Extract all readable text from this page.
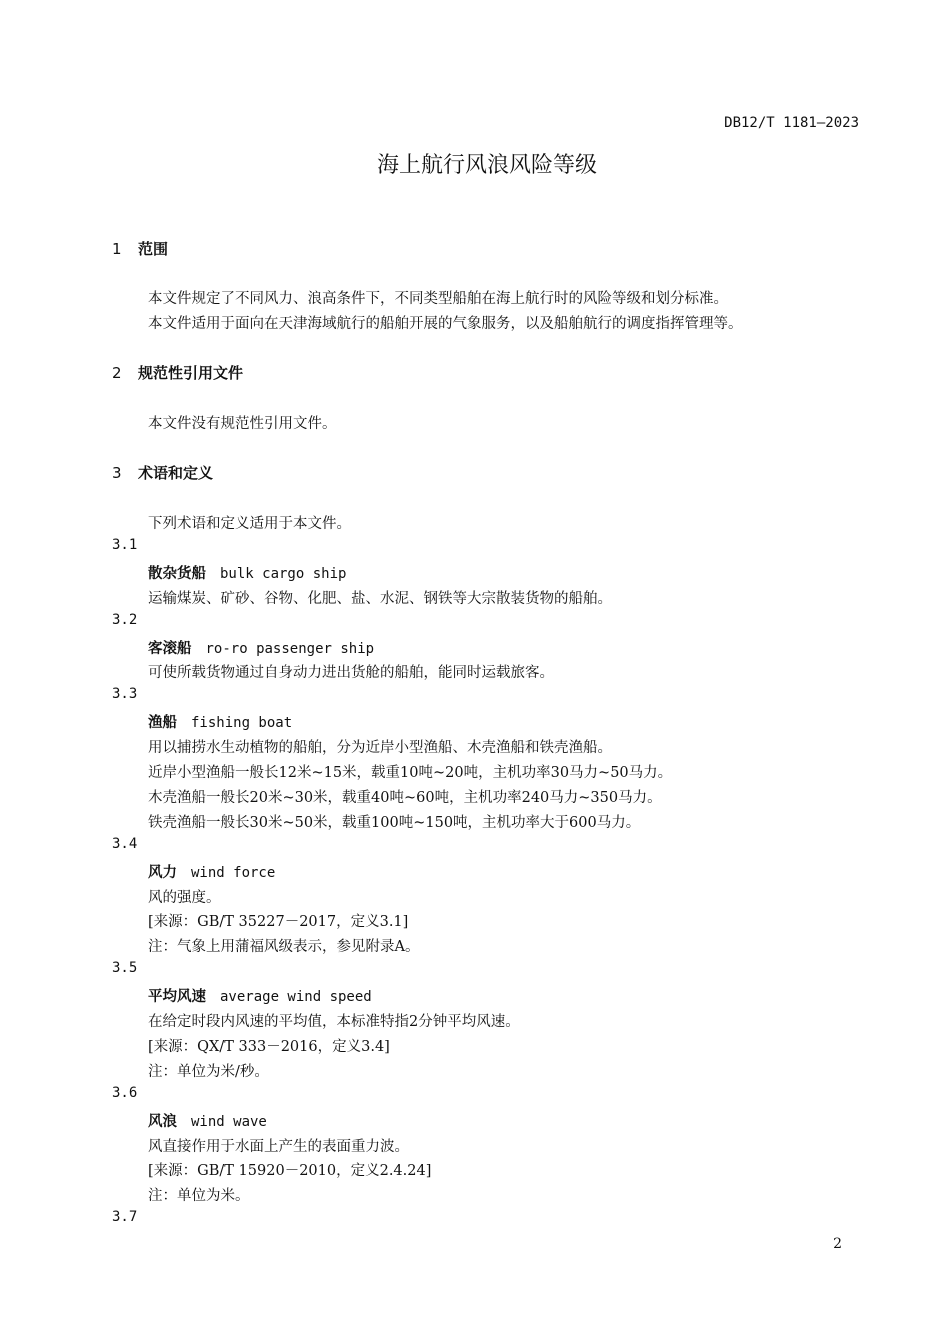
DB12/T 1181—2023
海上航行风浪风险等级
1 范围
本文件规定了不同风力、浪高条件下，不同类型船舶在海上航行时的风险等级和划分标准。
本文件适用于面向在天津海域航行的船舶开展的气象服务，以及船舶航行的调度指挥管理等。
2 规范性引用文件
本文件没有规范性引用文件。
3 术语和定义
下列术语和定义适用于本文件。
3.1
散杂货船 bulk cargo ship
运输煤炭、矿砂、谷物、化肥、盐、水泥、钢铁等大宗散装货物的船舶。
3.2
客滚船 ro-ro passenger ship
可使所载货物通过自身动力进出货舱的船舶，能同时运载旅客。
3.3
渔船 fishing boat
用以捕捞水生动植物的船舶，分为近岸小型渔船、木壳渔船和铁壳渔船。
近岸小型渔船一般长12米~15米，载重10吨~20吨，主机功率30马力~50马力。
木壳渔船一般长20米~30米，载重40吨~60吨，主机功率240马力~350马力。
铁壳渔船一般长30米~50米，载重100吨~150吨，主机功率大于600马力。
3.4
风力 wind force
风的强度。
[来源：GB/T 35227－2017，定义3.1]
注：气象上用蒲福风级表示，参见附录A。
3.5
平均风速 average wind speed
在给定时段内风速的平均值，本标准特指2分钟平均风速。
[来源：QX/T 333－2016，定义3.4]
注：单位为米/秒。
3.6
风浪 wind wave
风直接作用于水面上产生的表面重力波。
[来源：GB/T 15920－2010，定义2.4.24]
注：单位为米。
3.7
2
